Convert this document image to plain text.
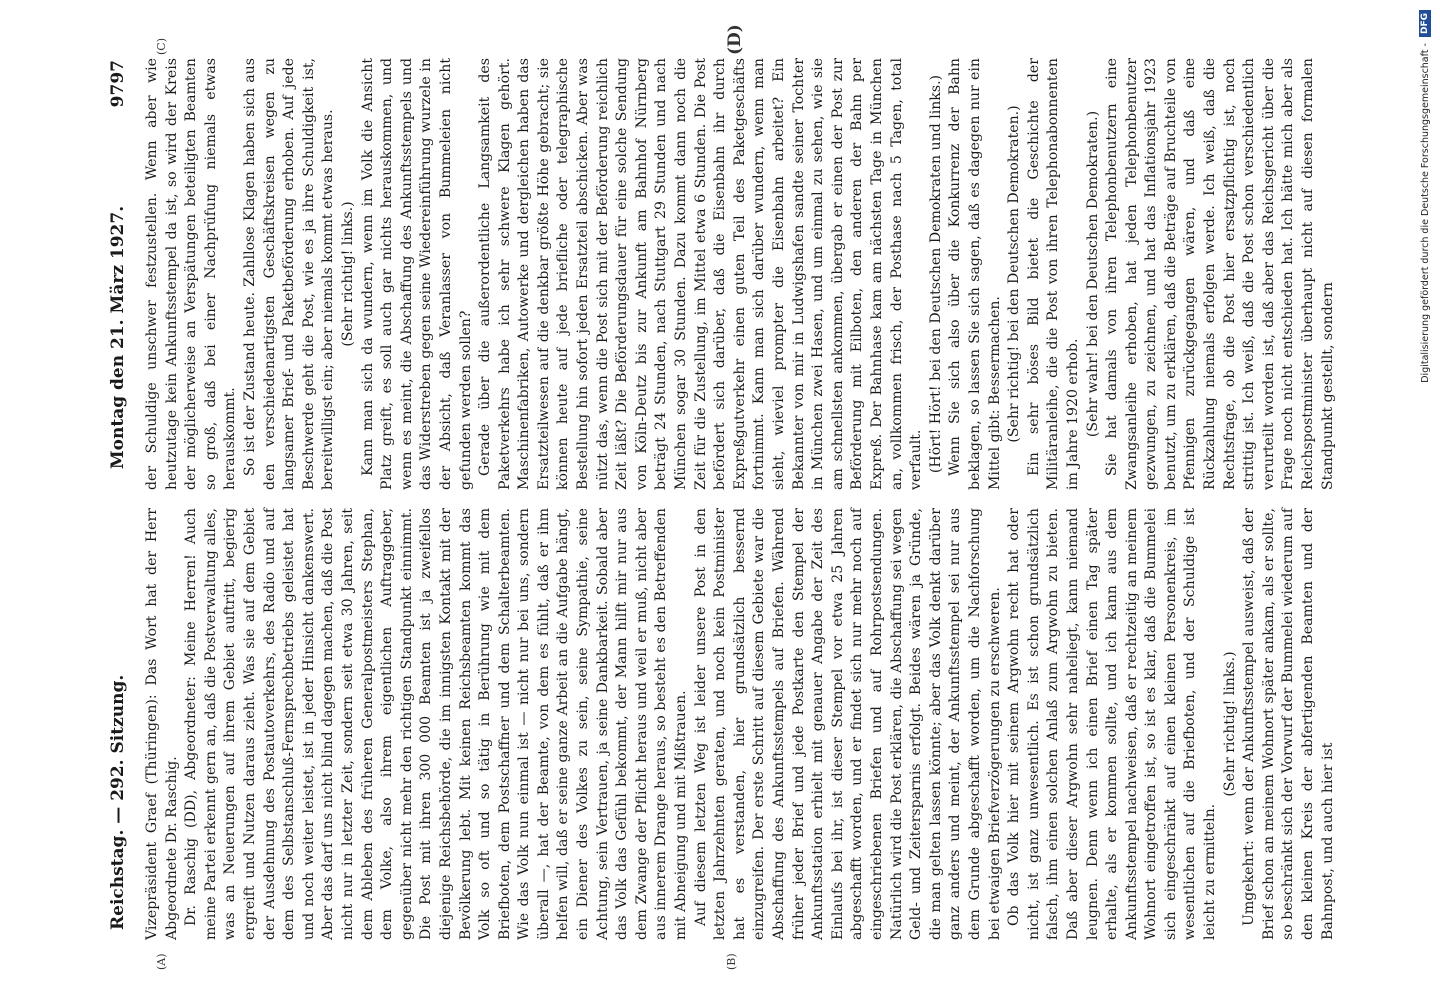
Reichstag. — 292. Sitzung.
Montag den 21. März 1927.
9797
(A)	(B)
(C)	(D)

Vizepräsident Graef (Thüringen): Das Wort hat der Herr Abgeordnete Dr. Raschig. Dr. Raschig (DD), Abgeordneter: Meine Herren! Auch meine Partei erkennt gern an, daß die Postverwaltung alles, was an Neuerungen auf ihrem Gebiet auftritt, begierig ergreift und Nutzen daraus zieht. Was sie auf dem Gebiet der Ausdehnung des Postautoverkehrs, des Radio und auf dem des Selbstanschluß-Fernsprechbetriebs geleistet hat und noch weiter leistet, ist in jeder Hinsicht dankenswert. Aber das darf uns nicht blind dagegen machen, daß die Post nicht nur in letzter Zeit, sondern seit etwa 30 Jahren, seit dem Ableben des früheren Generalpostmeisters Stephan, dem Volke, also ihrem eigentlichen Auftraggeber, gegenüber nicht mehr den richtigen Standpunkt einnimmt. Die Post mit ihren 300 000 Beamten ist ja zweifellos diejenige Reichsbehörde, die im innigsten Kontakt mit der Bevölkerung lebt. Mit keinen Reichsbeamten kommt das Volk so oft und so tätig in Berührung wie mit dem Briefboten, dem Postschaffner und dem Schalterbeamten. Wie das Volk nun einmal ist — nicht nur bei uns, sondern überall —, hat der Beamte, von dem es fühlt, daß er ihm helfen will, daß er seine ganze Arbeit an die Aufgabe hängt, ein Diener des Volkes zu sein, seine Sympathie, seine Achtung, sein Vertrauen, ja seine Dankbarkeit. Sobald aber das Volk das Gefühl bekommt, der Mann hilft mir nur aus dem Zwange der Pflicht heraus und weil er muß, nicht aber aus innerem Drange heraus, so besteht es den Betreffenden mit Abneigung und mit Mißtrauen. Auf diesem letzten Weg ist leider unsere Post in den letzten Jahrzehnten geraten, und noch kein Postminister hat es verstanden, hier grundsätzlich bessernd einzugreifen. Der erste Schritt auf diesem Gebiete war die Abschaffung des Ankunftsstempels auf Briefen. Während früher jeder Brief und jede Postkarte den Stempel der Ankunftsstation erhielt mit genauer Angabe der Zeit des Einlaufs bei ihr, ist dieser Stempel vor etwa 25 Jahren abgeschafft worden, und er findet sich nur mehr noch auf eingeschriebenen Briefen und auf Rohrpostsendungen. Natürlich wird die Post erklären, die Abschaffung sei wegen Geld- und Zeitersparnis erfolgt. Beides wären ja Gründe, die man gelten lassen könnte; aber das Volk denkt darüber ganz anders und meint, der Ankunftsstempel sei nur aus dem Grunde abgeschafft worden, um die Nachforschung bei etwaigen Briefverzögerungen zu erschweren. Ob das Volk hier mit seinem Argwohn recht hat oder nicht, ist ganz unwesentlich. Es ist schon grundsätzlich falsch, ihm einen solchen Anlaß zum Argwohn zu bieten. Daß aber dieser Argwohn sehr naheliegt, kann niemand leugnen. Denn wenn ich einen Brief einen Tag später erhalte, als er kommen sollte, und ich kann aus dem Ankunftsstempel nachweisen, daß er rechtzeitig an meinem Wohnort eingetroffen ist, so ist es klar, daß die Bummelei sich eingeschränkt auf einen kleinen Personenkreis, im wesentlichen auf die Briefboten, und der Schuldige ist leicht zu ermitteln.

(Sehr richtig! links.) Umgekehrt: wenn der Ankunftsstempel ausweist, daß der Brief schon an meinem Wohnort später ankam, als er sollte, so beschränkt sich der Vorwurf der Bummelei wiederum auf den kleinen Kreis der abfertigenden Beamten und der Bahnpost, und auch hier ist

der Schuldige unschwer festzustellen. Wenn aber wie heutzutage kein Ankunftsstempel da ist, so wird der Kreis der möglicherweise an Verspätungen beteiligten Beamten so groß, daß bei einer Nachprüfung niemals etwas herauskommt. So ist der Zustand heute. Zahllose Klagen haben sich aus den verschiedenartigsten Geschäftskreisen wegen zu langsamer Brief- und Paketbeförderung erhoben. Auf jede Beschwerde geht die Post, wie es ja ihre Schuldigkeit ist, bereitwilligst ein; aber niemals kommt etwas heraus. (Sehr richtig! links.) Kann man sich da wundern, wenn im Volk die Ansicht Platz greift, es soll auch gar nichts herauskommen, und wenn es meint, die Abschaffung des Ankunftsstempels und das Widerstreben gegen seine Wiedereinführung wurzele in der Absicht, daß Veranlasser von Bummeleien nicht gefunden werden sollen? Gerade über die außerordentliche Langsamkeit des Paketverkehrs habe ich sehr schwere Klagen gehört. Maschinenfabriken, Autowerke und dergleichen haben das Ersatzteilwesen auf die denkbar größte Höhe gebracht; sie können heute auf jede briefliche oder telegraphische Bestellung hin sofort jeden Ersatzteil abschicken. Aber was nützt das, wenn die Post sich mit der Beförderung reichlich Zeit läßt? Die Beförderungsdauer für eine solche Sendung von Köln-Deutz bis zur Ankunft am Bahnhof Nürnberg beträgt 24 Stunden, nach Stuttgart 29 Stunden und nach München sogar 30 Stunden. Dazu kommt dann noch die Zeit für die Zustellung, im Mittel etwa 6 Stunden. Die Post befördert sich darüber, daß die Eisenbahn ihr durch Expreßgutverkehr einen guten Teil des Paketgeschäfts fortnimmt. Kann man sich darüber wundern, wenn man sieht, wieviel prompter die Eisenbahn arbeitet? Ein Bekannter von mir in Ludwigshafen sandte seiner Tochter in München zwei Hasen, und um einmal zu sehen, wie sie am schnellsten ankommen, übergab er einen der Post zur Beförderung mit Eilboten, den anderen der Bahn per Expreß. Der Bahnhase kam am nächsten Tage in München an, vollkommen frisch, der Posthase nach 5 Tagen, total verfault. (Hört! Hört! bei den Deutschen Demokraten und links.) Wenn Sie sich also über die Konkurrenz der Bahn beklagen, so lassen Sie sich sagen, daß es dagegen nur ein Mittel gibt: Bessermachen. (Sehr richtig! bei den Deutschen Demokraten.) Ein sehr böses Bild bietet die Geschichte der Militäranleihe, die die Post von ihren Telephonabonnenten im Jahre 1920 erhob. (Sehr wahr! bei den Deutschen Demokraten.) Sie hat damals von ihren Telephonbenutzern eine Zwangsanleihe erhoben, hat jeden Telephonbenutzer gezwungen, zu zeichnen, und hat das Inflationsjahr 1923 benutzt, um zu erklären, daß die Beträge auf Bruchteile von Pfennigen zurückgegangen wären, und daß eine Rückzahlung niemals erfolgen werde. Ich weiß, daß die Rechtsfrage, ob die Post hier ersatzpflichtig ist, noch strittig ist. Ich weiß, daß die Post schon verschiedentlich verurteilt worden ist, daß aber das Reichsgericht über die Frage noch nicht entschieden hat. Ich hätte mich aber als Reichspostminister überhaupt nicht auf diesen formalen Standpunkt gestellt, sondern

Digitalisierung gefördert durch die Deutsche Forschungsgemeinschaft -
DFG
